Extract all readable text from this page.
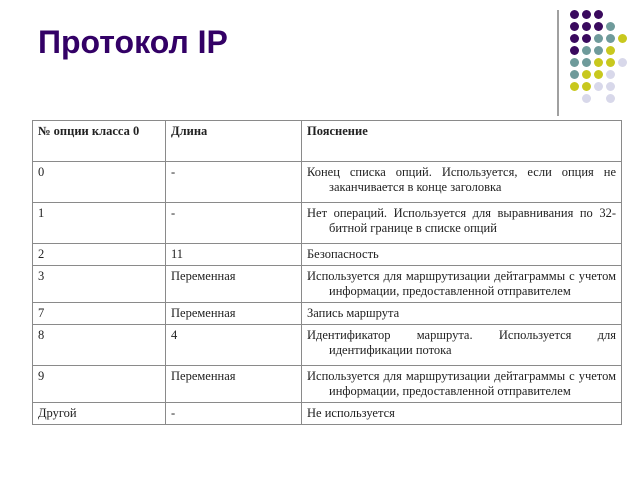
Протокол IP
№ опции класса 0	Длина	Пояснение
0	-	Конец списка опций. Используется, если опция не заканчивается в конце заголовка

1	-	Нет операций. Используется для выравнивания по 32-битной границе в списке опций

2	11	Безопасность

3	Переменная	Используется для маршрутизации дейтаграммы с учетом информации, предоставленной отправителем

7	Переменная	Запись маршрута

8	4	Идентификатор маршрута. Используется для идентификации потока

9	Переменная	Используется для маршрутизации дейтаграммы с учетом информации, предоставленной отправителем

Другой	-	Не используется
